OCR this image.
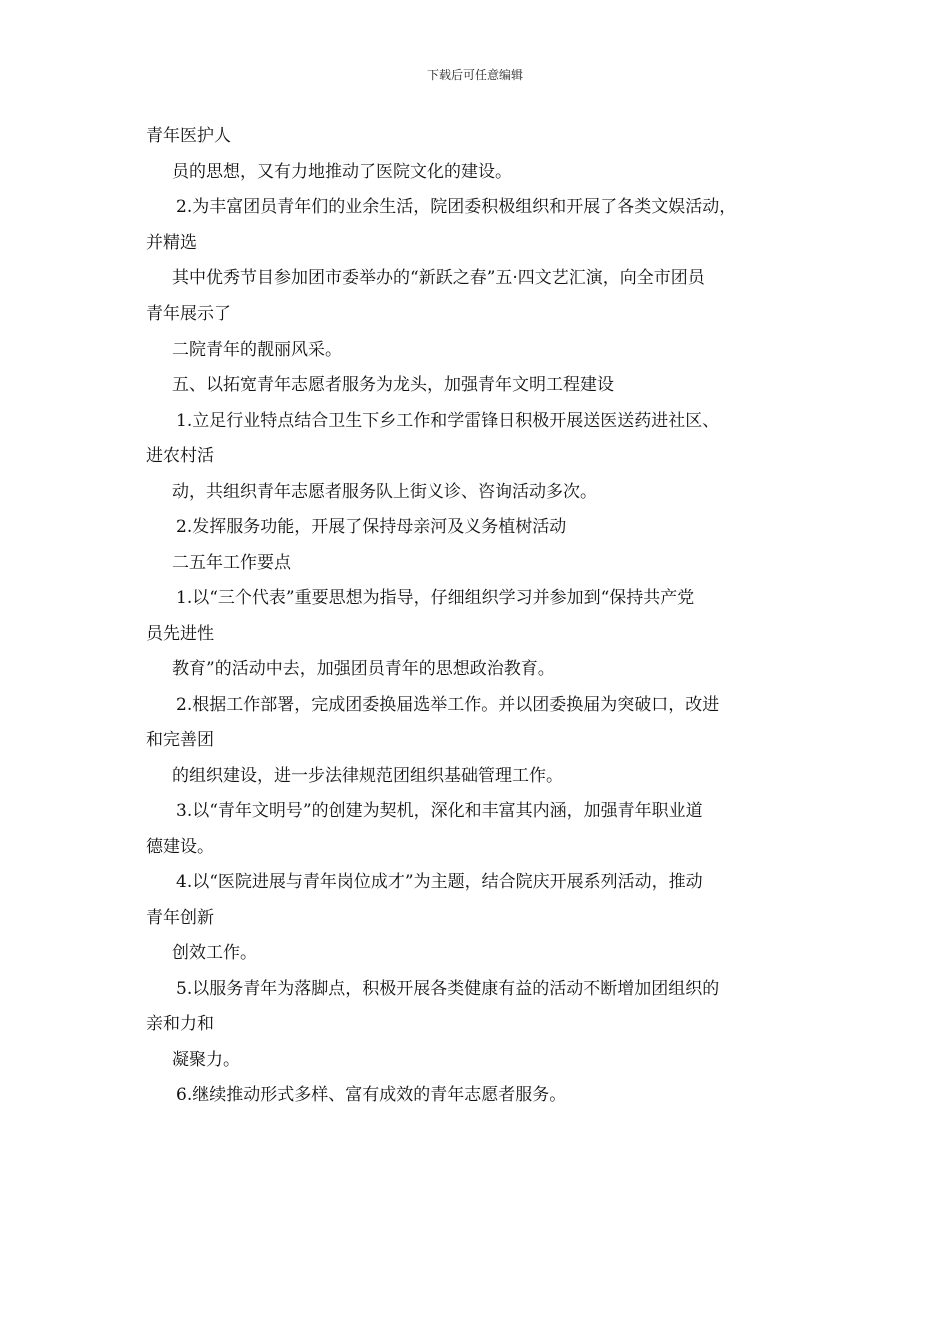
下载后可任意编辑
青年医护人
员的思想，又有力地推动了医院文化的建设。
2.为丰富团员青年们的业余生活，院团委积极组织和开展了各类文娱活动，
并精选
其中优秀节目参加团市委举办的“新跃之春”五·四文艺汇演，向全市团员
青年展示了
二院青年的靓丽风采。
五、以拓宽青年志愿者服务为龙头，加强青年文明工程建设
1.立足行业特点结合卫生下乡工作和学雷锋日积极开展送医送药进社区、
进农村活
动，共组织青年志愿者服务队上街义诊、咨询活动多次。
2.发挥服务功能，开展了保持母亲河及义务植树活动
二五年工作要点
1.以“三个代表”重要思想为指导，仔细组织学习并参加到“保持共产党
员先进性
教育”的活动中去，加强团员青年的思想政治教育。
2.根据工作部署，完成团委换届选举工作。并以团委换届为突破口，改进
和完善团
的组织建设，进一步法律规范团组织基础管理工作。
3.以“青年文明号”的创建为契机，深化和丰富其内涵，加强青年职业道
德建设。
4.以“医院进展与青年岗位成才”为主题，结合院庆开展系列活动，推动
青年创新
创效工作。
5.以服务青年为落脚点，积极开展各类健康有益的活动不断增加团组织的
亲和力和
凝聚力。
6.继续推动形式多样、富有成效的青年志愿者服务。
